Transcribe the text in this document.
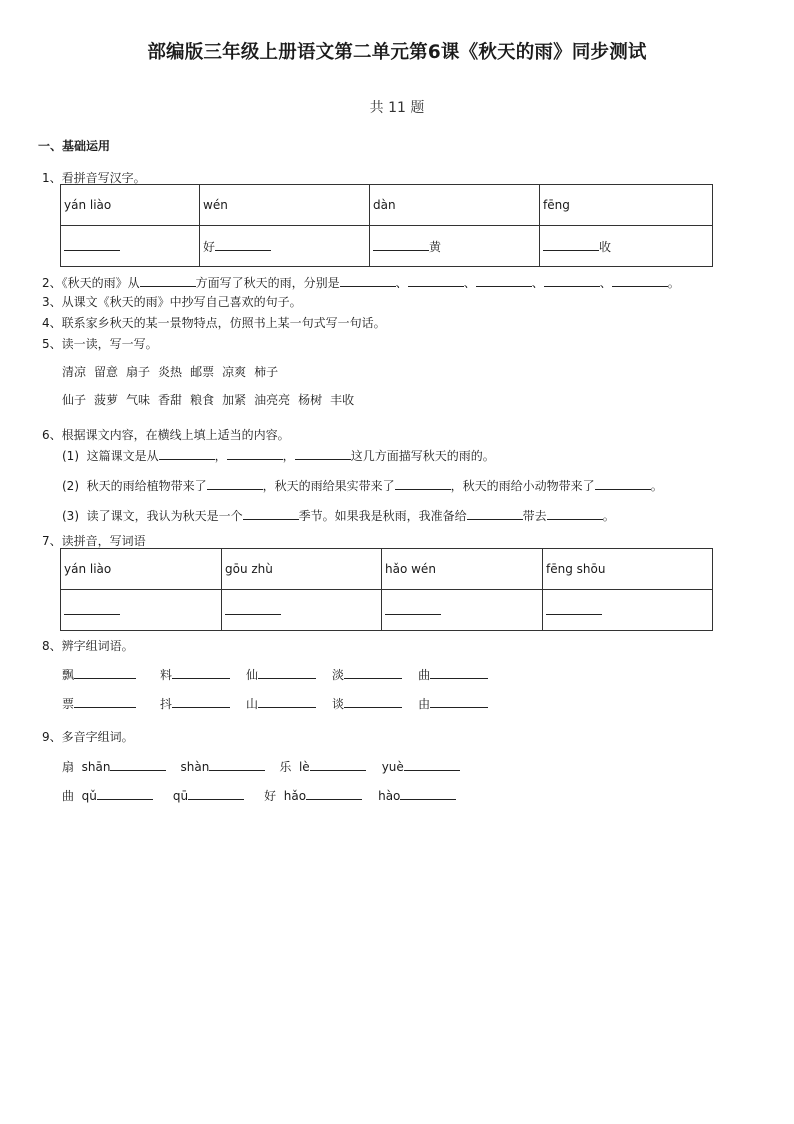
部编版三年级上册语文第二单元第6课《秋天的雨》同步测试
共 11 题
一、基础运用
1、看拼音写汉字。
yán liào	wén	dàn	fēng
	好	黄	收
2、《秋天的雨》从	方面写了秋天的雨，分别是	、	、	、	、	。
3、从课文《秋天的雨》中抄写自己喜欢的句子。
4、联系家乡秋天的某一景物特点，仿照书上某一句式写一句话。
5、读一读，写一写。
清凉 留意 扇子 炎热 邮票 凉爽 柿子
仙子 菠萝 气味 香甜 粮食 加紧 油亮亮 杨树 丰收
6、根据课文内容，在横线上填上适当的内容。
(1) 这篇课文是从	，	，	这几方面描写秋天的雨的。
(2) 秋天的雨给植物带来了	，秋天的雨给果实带来了	，秋天的雨给小动物带来了	。
(3) 读了课文，我认为秋天是一个	季节。如果我是秋雨，我准备给	带去	。
7、读拼音，写词语
yán liào	gōu zhù	hǎo wén	fēng shōu

8、辨字组词语。
飘	料	仙	淡	曲
票	抖	山	谈	由
9、多音字组词。
扇 shān	shàn	乐 lè	yuè
曲 qǔ	qū	好 hǎo	hào
